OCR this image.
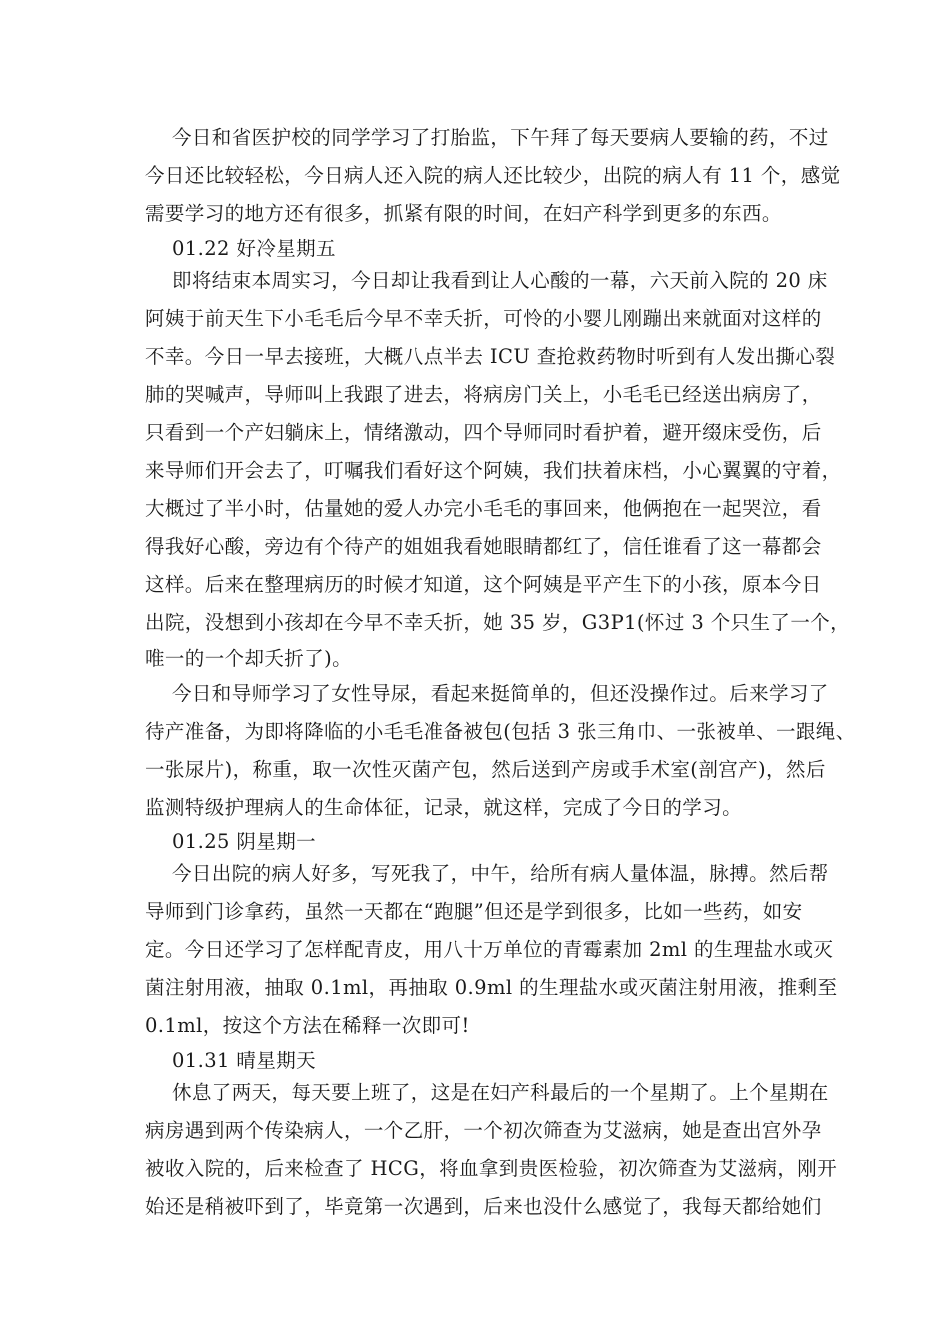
今日和省医护校的同学学习了打胎监，下午拜了每天要病人要输的药，不过
今日还比较轻松，今日病人还入院的病人还比较少，出院的病人有 11 个，感觉
需要学习的地方还有很多，抓紧有限的时间，在妇产科学到更多的东西。
01.22 好冷星期五
即将结束本周实习，今日却让我看到让人心酸的一幕，六天前入院的 20 床
阿姨于前天生下小毛毛后今早不幸夭折，可怜的小婴儿刚蹦出来就面对这样的
不幸。今日一早去接班，大概八点半去 ICU 查抢救药物时听到有人发出撕心裂
肺的哭喊声，导师叫上我跟了进去，将病房门关上，小毛毛已经送出病房了，
只看到一个产妇躺床上，情绪激动，四个导师同时看护着，避开缀床受伤，后
来导师们开会去了，叮嘱我们看好这个阿姨，我们扶着床档，小心翼翼的守着，
大概过了半小时，估量她的爱人办完小毛毛的事回来，他俩抱在一起哭泣，看
得我好心酸，旁边有个待产的姐姐我看她眼睛都红了，信任谁看了这一幕都会
这样。后来在整理病历的时候才知道，这个阿姨是平产生下的小孩，原本今日
出院，没想到小孩却在今早不幸夭折，她 35 岁，G3P1(怀过 3 个只生了一个，
唯一的一个却夭折了)。
今日和导师学习了女性导尿，看起来挺简单的，但还没操作过。后来学习了
待产准备，为即将降临的小毛毛准备被包(包括 3 张三角巾、一张被单、一跟绳、
一张尿片)，称重，取一次性灭菌产包，然后送到产房或手术室(剖宫产)，然后
监测特级护理病人的生命体征，记录，就这样，完成了今日的学习。
01.25 阴星期一
今日出院的病人好多，写死我了，中午，给所有病人量体温，脉搏。然后帮
导师到门诊拿药，虽然一天都在“跑腿”但还是学到很多，比如一些药，如安
定。今日还学习了怎样配青皮，用八十万单位的青霉素加 2ml 的生理盐水或灭
菌注射用液，抽取 0.1ml，再抽取 0.9ml 的生理盐水或灭菌注射用液，推剩至
0.1ml，按这个方法在稀释一次即可!
01.31 晴星期天
休息了两天，每天要上班了，这是在妇产科最后的一个星期了。上个星期在
病房遇到两个传染病人，一个乙肝，一个初次筛查为艾滋病，她是查出宫外孕
被收入院的，后来检查了 HCG，将血拿到贵医检验，初次筛查为艾滋病，刚开
始还是稍被吓到了，毕竟第一次遇到，后来也没什么感觉了，我每天都给她们
